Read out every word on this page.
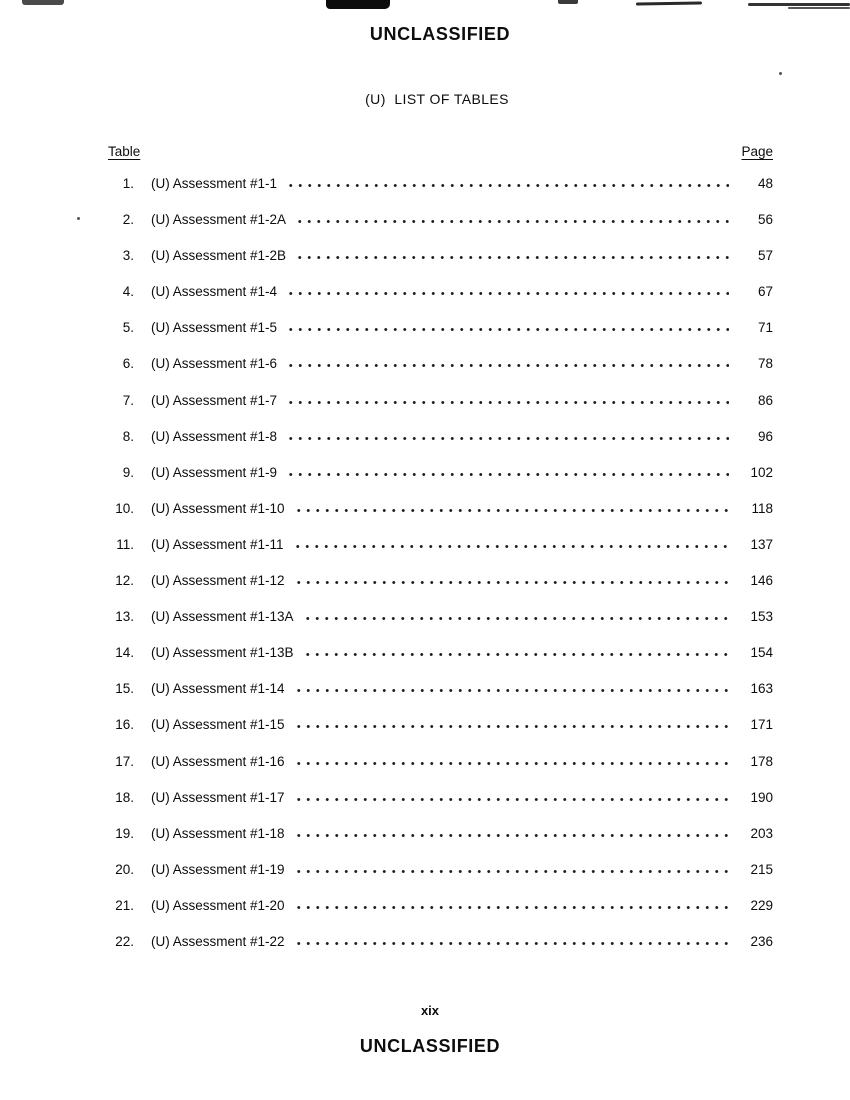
UNCLASSIFIED
(U)  LIST OF TABLES
Table	Page
1. (U) Assessment #1-1	48
2. (U) Assessment #1-2A	56
3. (U) Assessment #1-2B	57
4. (U) Assessment #1-4	67
5. (U) Assessment #1-5	71
6. (U) Assessment #1-6	78
7. (U) Assessment #1-7	86
8. (U) Assessment #1-8	96
9. (U) Assessment #1-9	102
10. (U) Assessment #1-10	118
11. (U) Assessment #1-11	137
12. (U) Assessment #1-12	146
13. (U) Assessment #1-13A	153
14. (U) Assessment #1-13B	154
15. (U) Assessment #1-14	163
16. (U) Assessment #1-15	171
17. (U) Assessment #1-16	178
18. (U) Assessment #1-17	190
19. (U) Assessment #1-18	203
20. (U) Assessment #1-19	215
21. (U) Assessment #1-20	229
22. (U) Assessment #1-22	236
xix
UNCLASSIFIED
